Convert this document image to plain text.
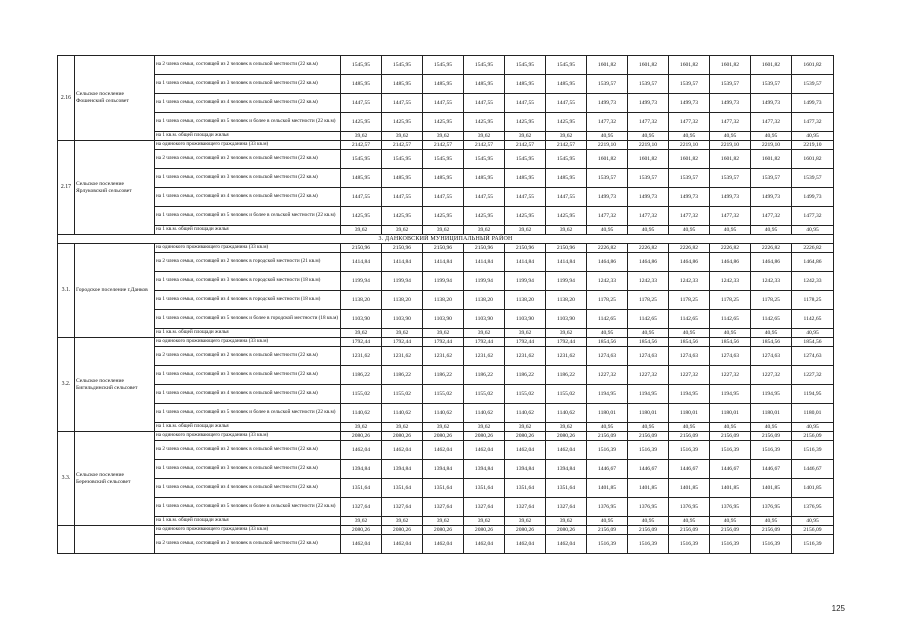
2.16	Сельское поселение Фошенский сельсовет	на 2 члена семьи, состоящей из 2 человек в сельской местности (22 кв.м)	1545,95	1545,95	1545,95	1545,95	1545,95	1545,95	1601,82	1601,82	1601,82	1601,82	1601,82	1601,82
		на 1 члена семьи, состоящей из 3 человек в сельской местности (22 кв.м)	1485,95	1485,95	1485,95	1485,95	1485,95	1485,95	1539,57	1539,57	1539,57	1539,57	1539,57	1539,57
		на 1 члена семьи, состоящей из 4 человек в сельской местности (22 кв.м)	1447,55	1447,55	1447,55	1447,55	1447,55	1447,55	1499,73	1499,73	1499,73	1499,73	1499,73	1499,73
		на 1 члена семьи, состоящей из 5 человек и более в сельской местности (22 кв.м)	1425,95	1425,95	1425,95	1425,95	1425,95	1425,95	1477,32	1477,32	1477,32	1477,32	1477,32	1477,32
		на 1 кв.м. общей площади жилья	39,62	39,62	39,62	39,62	39,62	39,62	40,95	40,95	40,95	40,95	40,95	40,95
2.17	Сельское поселение Ярлуковский сельсовет	на одинокого проживающего гражданина (33 кв.м)	2142,57	2142,57	2142,57	2142,57	2142,57	2142,57	2219,10	2219,10	2219,10	2219,10	2219,10	2219,10
		на 2 члена семьи, состоящей из 2 человек в сельской местности (22 кв.м)	1545,95	1545,95	1545,95	1545,95	1545,95	1545,95	1601,82	1601,82	1601,82	1601,82	1601,82	1601,82
		на 1 члена семьи, состоящей из 3 человек в сельской местности (22 кв.м)	1485,95	1485,95	1485,95	1485,95	1485,95	1485,95	1539,57	1539,57	1539,57	1539,57	1539,57	1539,57
		на 1 члена семьи, состоящей из 4 человек в сельской местности (22 кв.м)	1447,55	1447,55	1447,55	1447,55	1447,55	1447,55	1499,73	1499,73	1499,73	1499,73	1499,73	1499,73
		на 1 члена семьи, состоящей из 5 человек и более в сельской местности (22 кв.м)	1425,95	1425,95	1425,95	1425,95	1425,95	1425,95	1477,32	1477,32	1477,32	1477,32	1477,32	1477,32
		на 1 кв.м. общей площади жилья	39,62	39,62	39,62	39,62	39,62	39,62	40,95	40,95	40,95	40,95	40,95	40,95
3. ДАНКОВСКИЙ МУНИЦИПАЛЬНЫЙ РАЙОН														
3.1.	Городское поселение г.Данков	на одинокого проживающего гражданина (33 кв.м)	2150,96	2150,96	2150,96	2150,96	2150,96	2150,96	2226,82	2226,82	2226,82	2226,82	2226,82	2226,82
		на 2 члена семьи, состоящей из 2 человек в городской местности (21 кв.м)	1414,84	1414,84	1414,84	1414,84	1414,84	1414,84	1464,86	1464,86	1464,86	1464,86	1464,86	1464,86
		на 1 члена семьи, состоящей из 3 человек в городской местности (18 кв.м)	1199,94	1199,94	1199,94	1199,94	1199,94	1199,94	1242,33	1242,33	1242,33	1242,33	1242,33	1242,33
		на 1 члена семьи, состоящей из 4 человек в городской местности (18 кв.м)	1138,20	1138,20	1138,20	1138,20	1138,20	1138,20	1178,25	1178,25	1178,25	1178,25	1178,25	1178,25
		на 1 члена семьи, состоящей из 5 человек и более в городской местности (18 кв.м)	1103,90	1103,90	1103,90	1103,90	1103,90	1103,90	1142,65	1142,65	1142,65	1142,65	1142,65	1142,65
		на 1 кв.м. общей площади жилья	39,62	39,62	39,62	39,62	39,62	39,62	40,95	40,95	40,95	40,95	40,95	40,95
3.2.	Сельское поселение Бигильдинский сельсовет	на одинокого проживающего гражданина (33 кв.м)	1792,44	1792,44	1792,44	1792,44	1792,44	1792,44	1854,56	1854,56	1854,56	1854,56	1854,56	1854,56
		на 2 члена семьи, состоящей из 2 человек в сельской местности (22 кв.м)	1231,62	1231,62	1231,62	1231,62	1231,62	1231,62	1274,63	1274,63	1274,63	1274,63	1274,63	1274,63
		на 1 члена семьи, состоящей из 3 человек в сельской местности (22 кв.м)	1186,22	1186,22	1186,22	1186,22	1186,22	1186,22	1227,32	1227,32	1227,32	1227,32	1227,32	1227,32
		на 1 члена семьи, состоящей из 4 человек в сельской местности (22 кв.м)	1155,02	1155,02	1155,02	1155,02	1155,02	1155,02	1194,95	1194,95	1194,95	1194,95	1194,95	1194,95
		на 1 члена семьи, состоящей из 5 человек и более в сельской местности (22 кв.м)	1140,62	1140,62	1140,62	1140,62	1140,62	1140,62	1180,01	1180,01	1180,01	1180,01	1180,01	1180,01
		на 1 кв.м. общей площади жилья	39,62	39,62	39,62	39,62	39,62	39,62	40,95	40,95	40,95	40,95	40,95	40,95
3.3.	Сельское поселение Березовский сельсовет	на одинокого проживающего гражданина (33 кв.м)	2080,26	2080,26	2080,26	2080,26	2080,26	2080,26	2156,09	2156,09	2156,09	2156,09	2156,09	2156,09
		на 2 члена семьи, состоящей из 2 человек в сельской местности (22 кв.м)	1462,04	1462,04	1462,04	1462,04	1462,04	1462,04	1516,39	1516,39	1516,39	1516,39	1516,39	1516,39
		на 1 члена семьи, состоящей из 3 человек в сельской местности (22 кв.м)	1394,84	1394,84	1394,84	1394,84	1394,84	1394,84	1446,67	1446,67	1446,67	1446,67	1446,67	1446,67
		на 1 члена семьи, состоящей из 4 человек в сельской местности (22 кв.м)	1351,64	1351,64	1351,64	1351,64	1351,64	1351,64	1401,85	1401,85	1401,85	1401,85	1401,85	1401,85
		на 1 члена семьи, состоящей из 5 человек и более в сельской местности (22 кв.м)	1327,64	1327,64	1327,64	1327,64	1327,64	1327,64	1376,95	1376,95	1376,95	1376,95	1376,95	1376,95
		на 1 кв.м. общей площади жилья	39,62	39,62	39,62	39,62	39,62	39,62	40,95	40,95	40,95	40,95	40,95	40,95
		на одинокого проживающего гражданина (33 кв.м)	2080,26	2080,26	2080,26	2080,26	2080,26	2080,26	2156,09	2156,09	2156,09	2156,09	2156,09	2156,09
		на 2 члена семьи, состоящей из 2 человек в сельской местности (22 кв.м)	1462,04	1462,04	1462,04	1462,04	1462,04	1462,04	1516,39	1516,39	1516,39	1516,39	1516,39	1516,39
125
